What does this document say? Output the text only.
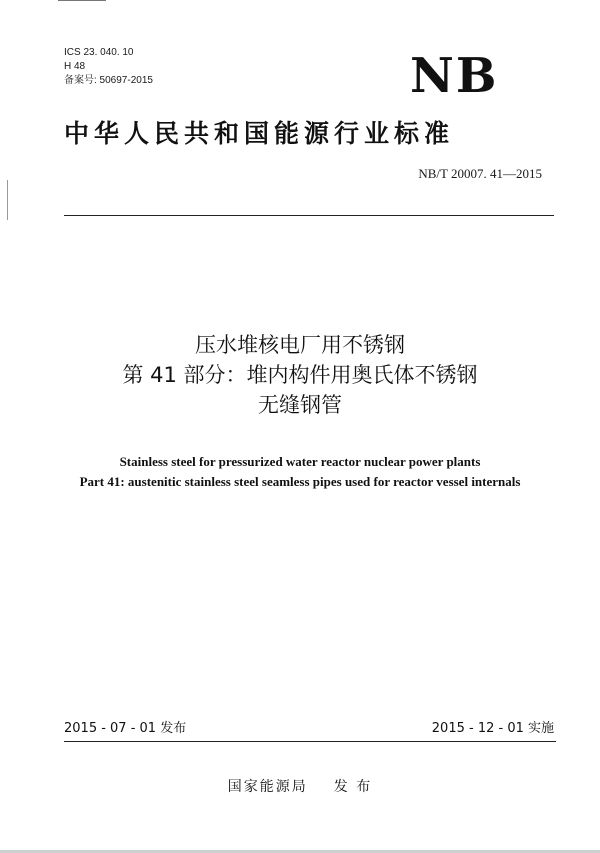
ICS 23. 040. 10
H 48
备案号: 50697-2015	NB
中华人民共和国能源行业标准
NB/T 20007. 41—2015
压水堆核电厂用不锈钢
第 41 部分：堆内构件用奥氏体不锈钢
无缝钢管
Stainless steel for pressurized water reactor nuclear power plants
Part 41: austenitic stainless steel seamless pipes used for reactor vessel internals
2015 - 07 - 01 发布	2015 - 12 - 01 实施
国家能源局 发 布
